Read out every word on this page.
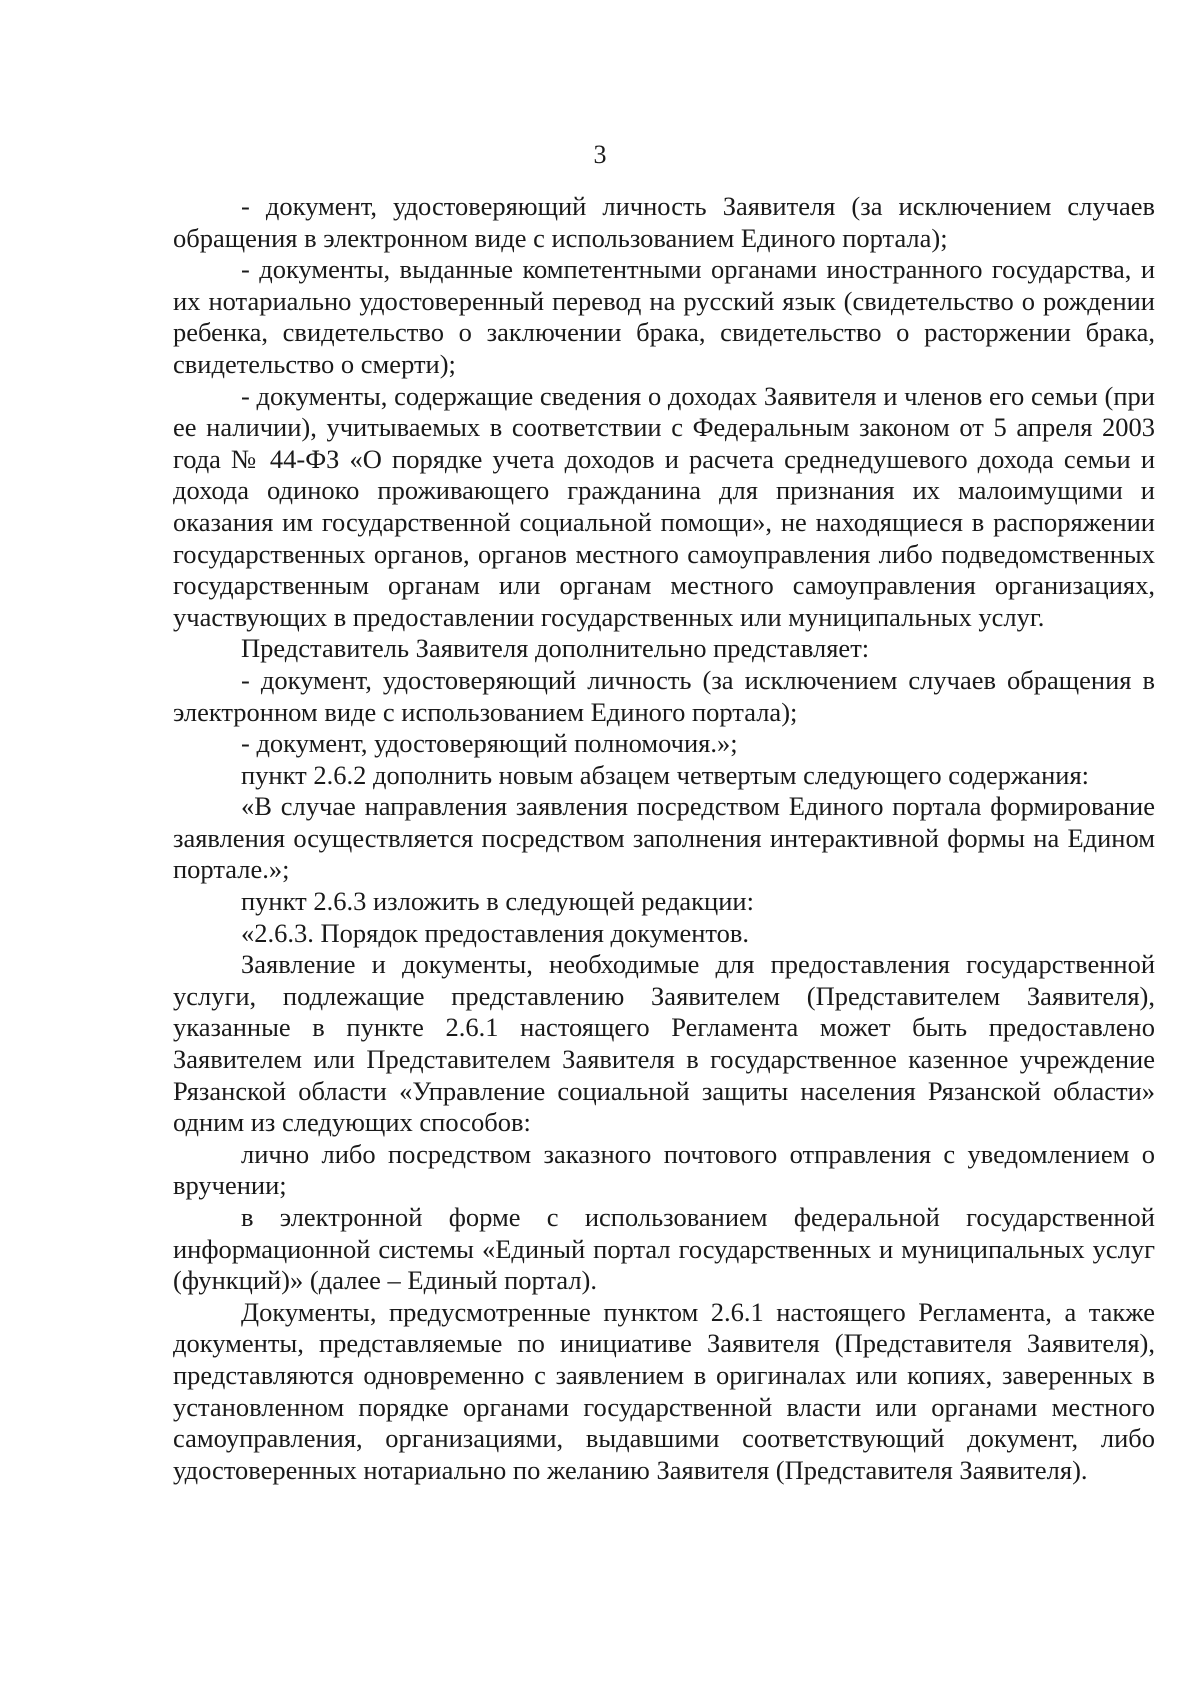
3

- документ, удостоверяющий личность Заявителя (за исключением случаев обращения в электронном виде с использованием Единого портала);

- документы, выданные компетентными органами иностранного государства, и их нотариально удостоверенный перевод на русский язык (свидетельство о рождении ребенка, свидетельство о заключении брака, свидетельство о расторжении брака, свидетельство о смерти);

- документы, содержащие сведения о доходах Заявителя и членов его семьи (при ее наличии), учитываемых в соответствии с Федеральным законом от 5 апреля 2003 года № 44-ФЗ «О порядке учета доходов и расчета среднедушевого дохода семьи и дохода одиноко проживающего гражданина для признания их малоимущими и оказания им государственной социальной помощи», не находящиеся в распоряжении государственных органов, органов местного самоуправления либо подведомственных государственным органам или органам местного самоуправления организациях, участвующих в предоставлении государственных или муниципальных услуг.

Представитель Заявителя дополнительно представляет:

- документ, удостоверяющий личность (за исключением случаев обращения в электронном виде с использованием Единого портала);

- документ, удостоверяющий полномочия.»;

пункт 2.6.2 дополнить новым абзацем четвертым следующего содержания:

«В случае направления заявления посредством Единого портала формирование заявления осуществляется посредством заполнения интерактивной формы на Едином портале.»;

пункт 2.6.3 изложить в следующей редакции:

«2.6.3. Порядок предоставления документов.

Заявление и документы, необходимые для предоставления государственной услуги, подлежащие представлению Заявителем (Представителем Заявителя), указанные в пункте 2.6.1 настоящего Регламента может быть предоставлено Заявителем или Представителем Заявителя в государственное казенное учреждение Рязанской области «Управление социальной защиты населения Рязанской области» одним из следующих способов:

лично либо посредством заказного почтового отправления с уведомлением о вручении;

в электронной форме с использованием федеральной государственной информационной системы «Единый портал государственных и муниципальных услуг (функций)» (далее – Единый портал).

Документы, предусмотренные пунктом 2.6.1 настоящего Регламента, а также документы, представляемые по инициативе Заявителя (Представителя Заявителя), представляются одновременно с заявлением в оригиналах или копиях, заверенных в установленном порядке органами государственной власти или органами местного самоуправления, организациями, выдавшими соответствующий документ, либо удостоверенных нотариально по желанию Заявителя (Представителя Заявителя).
